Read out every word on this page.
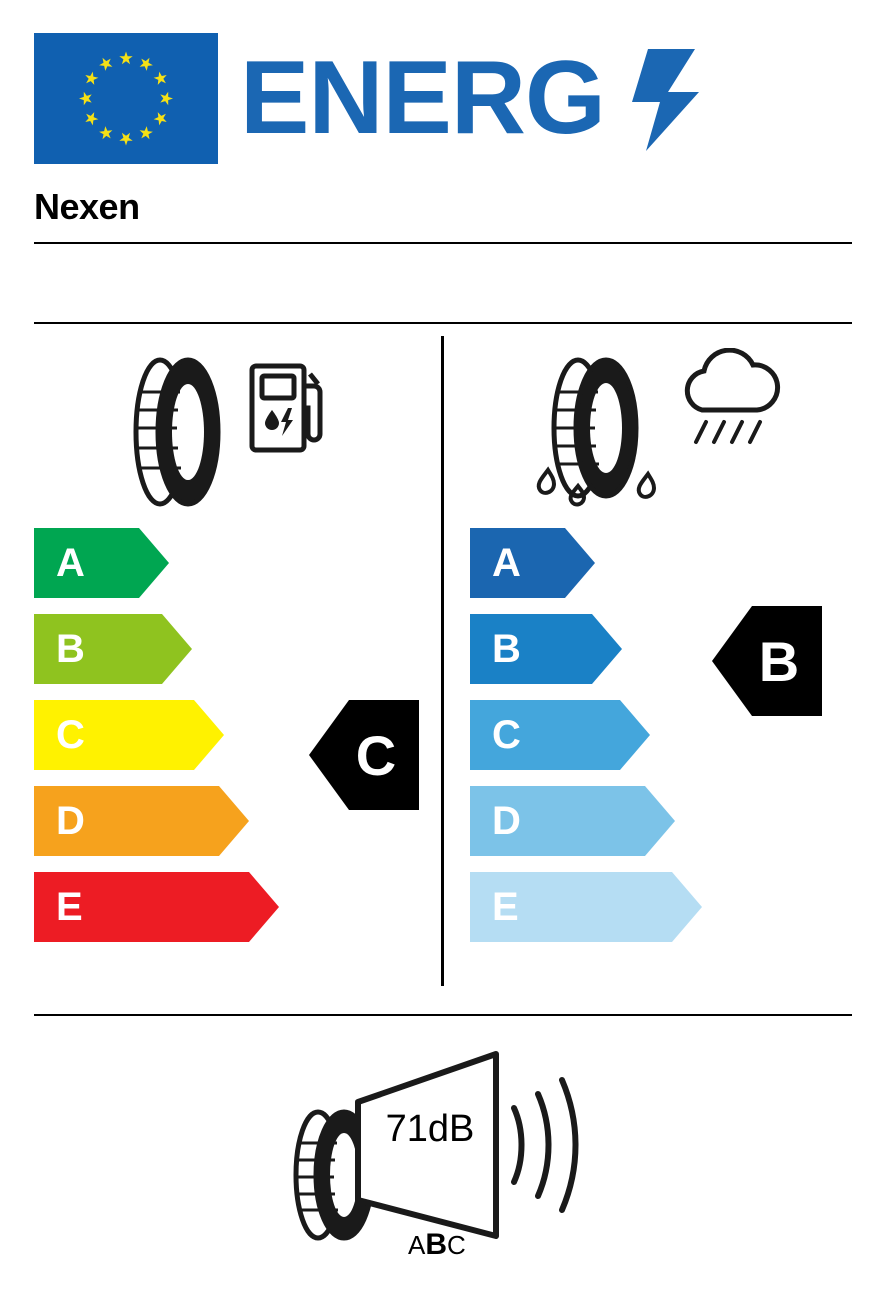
ENERG
Nexen
A
B
C
D
E
A
B
C
D
E
C
B
71dB
ABC
